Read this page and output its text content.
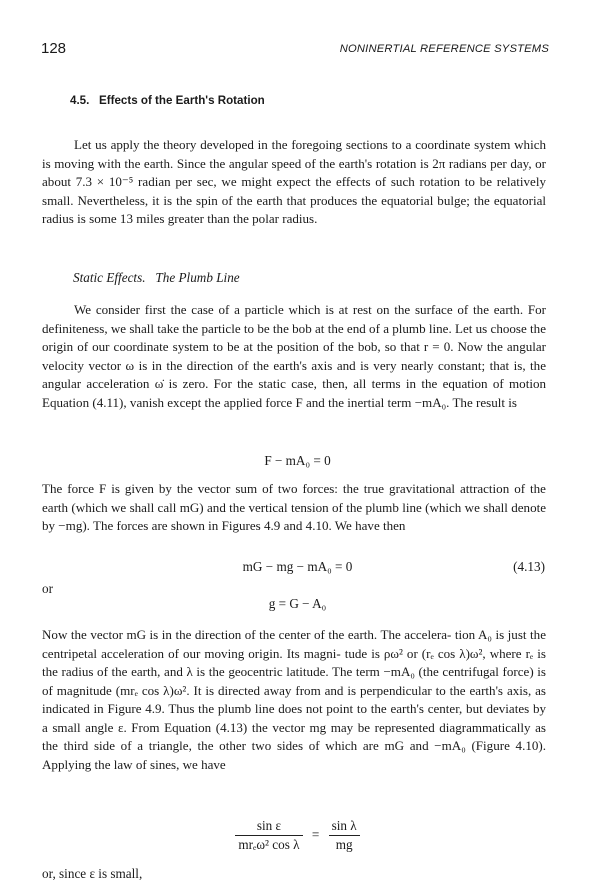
128	NONINERTIAL REFERENCE SYSTEMS
4.5. Effects of the Earth's Rotation

Let us apply the theory developed in the foregoing sections to a coordinate system which is moving with the earth. Since the angular speed of the earth's rotation is 2π radians per day, or about 7.3 × 10⁻⁵ radian per sec, we might expect the effects of such rotation to be relatively small. Nevertheless, it is the spin of the earth that produces the equatorial bulge; the equatorial radius is some 13 miles greater than the polar radius.

Static Effects. The Plumb Line

We consider first the case of a particle which is at rest on the surface of the earth. For definiteness, we shall take the particle to be the bob at the end of a plumb line. Let us choose the origin of our coordinate system to be at the position of the bob, so that r = 0. Now the angular velocity vector ω is in the direction of the earth's axis and is very nearly constant; that is, the angular acceleration ω̇ is zero. For the static case, then, all terms in the equation of motion Equation (4.11), vanish except the applied force F and the inertial term −mA₀. The result is

F − mA₀ = 0

The force F is given by the vector sum of two forces: the true gravitational attraction of the earth (which we shall call mG) and the vertical tension of the plumb line (which we shall denote by −mg). The forces are shown in Figures 4.9 and 4.10. We have then

mG − mg − mA₀ = 0	(4.13)
or
g = G − A₀

Now the vector mG is in the direction of the center of the earth. The accelera- tion A₀ is just the centripetal acceleration of our moving origin. Its magni- tude is ρω² or (rₑ cos λ)ω², where rₑ is the radius of the earth, and λ is the geocentric latitude. The term −mA₀ (the centrifugal force) is of magnitude (mrₑ cos λ)ω². It is directed away from and is perpendicular to the earth's axis, as indicated in Figure 4.9. Thus the plumb line does not point to the earth's center, but deviates by a small angle ε. From Equation (4.13) the vector mg may be represented diagrammatically as the third side of a triangle, the other two sides of which are mG and −mA₀ (Figure 4.10). Applying the law of sines, we have

$\frac{\text{sin ε}}{\text{mrₑω² cos λ}} = \frac{\text{sin λ}}{mg}$
or, since ε is small,
